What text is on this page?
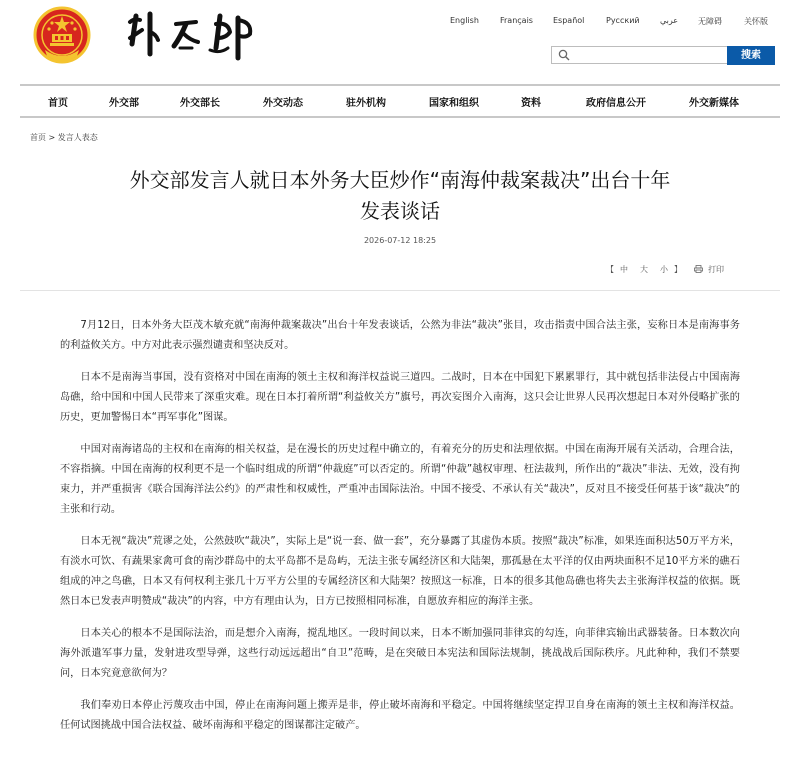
English	Français	Español	Русский	عربي 无障碍	关怀版
搜索
首页	外交部	外交部长	外交动态	驻外机构	国家和组织	资料	政府信息公开	外交新媒体
首页 > 发言人表态
外交部发言人就日本外务大臣炒作“南海仲裁案裁决”出台十年
发表谈话
2026-07-12 18:25
【 中 大 小 】	打印

7月12日，日本外务大臣茂木敏充就“南海仲裁案裁决”出台十年发表谈话，公然为非法“裁决”张目，攻击指责中国合法主张，妄称日本是南海事务的利益攸关方。中方对此表示强烈谴责和坚决反对。

日本不是南海当事国，没有资格对中国在南海的领土主权和海洋权益说三道四。二战时，日本在中国犯下累累罪行，其中就包括非法侵占中国南海岛礁，给中国和中国人民带来了深重灾难。现在日本打着所谓“利益攸关方”旗号，再次妄图介入南海，这只会让世界人民再次想起日本对外侵略扩张的历史，更加警惕日本“再军事化”图谋。

中国对南海诸岛的主权和在南海的相关权益，是在漫长的历史过程中确立的，有着充分的历史和法理依据。中国在南海开展有关活动，合理合法，不容指摘。中国在南海的权利更不是一个临时组成的所谓“仲裁庭”可以否定的。所谓“仲裁”越权审理、枉法裁判，所作出的“裁决”非法、无效，没有拘束力，并严重损害《联合国海洋法公约》的严肃性和权威性，严重冲击国际法治。中国不接受、不承认有关“裁决”，反对且不接受任何基于该“裁决”的主张和行动。

日本无视“裁决”荒谬之处，公然鼓吹“裁决”，实际上是“说一套、做一套”，充分暴露了其虚伪本质。按照“裁决”标准，如果连面积达50万平方米，有淡水可饮、有蔬果家禽可食的南沙群岛中的太平岛都不是岛屿，无法主张专属经济区和大陆架，那孤悬在太平洋的仅由两块面积不足10平方米的礁石组成的冲之鸟礁，日本又有何权利主张几十万平方公里的专属经济区和大陆架？按照这一标准，日本的很多其他岛礁也将失去主张海洋权益的依据。既然日本已发表声明赞成“裁决”的内容，中方有理由认为，日方已按照相同标准，自愿放弃相应的海洋主张。

日本关心的根本不是国际法治，而是想介入南海，搅乱地区。一段时间以来，日本不断加强同菲律宾的勾连，向菲律宾输出武器装备。日本数次向海外派遣军事力量，发射进攻型导弹，这些行动远远超出“自卫”范畴，是在突破日本宪法和国际法规制，挑战战后国际秩序。凡此种种，我们不禁要问，日本究竟意欲何为？

我们奉劝日本停止污蔑攻击中国，停止在南海问题上搬弄是非，停止破坏南海和平稳定。中国将继续坚定捍卫自身在南海的领土主权和海洋权益。任何试图挑战中国合法权益、破坏南海和平稳定的图谋都注定破产。
